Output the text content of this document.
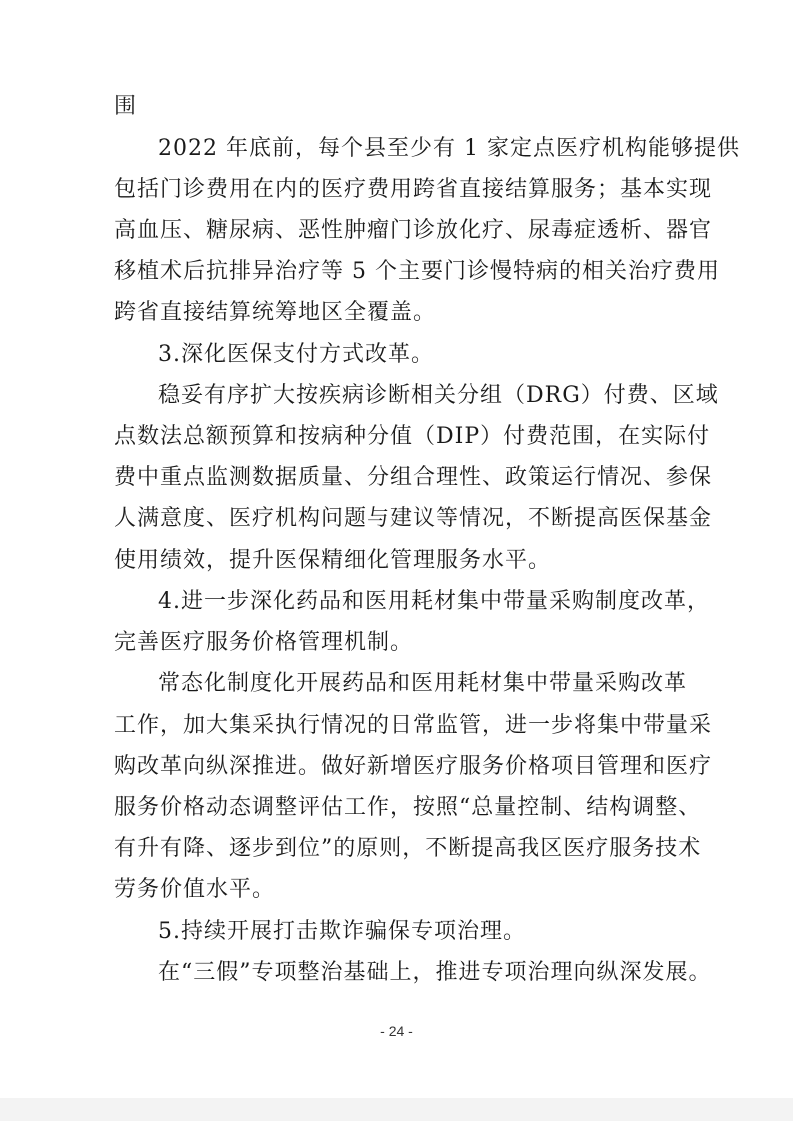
围
2022 年底前，每个县至少有 1 家定点医疗机构能够提供
包括门诊费用在内的医疗费用跨省直接结算服务；基本实现
高血压、糖尿病、恶性肿瘤门诊放化疗、尿毒症透析、器官
移植术后抗排异治疗等 5 个主要门诊慢特病的相关治疗费用
跨省直接结算统筹地区全覆盖。
3.深化医保支付方式改革。
稳妥有序扩大按疾病诊断相关分组（DRG）付费、区域
点数法总额预算和按病种分值（DIP）付费范围，在实际付
费中重点监测数据质量、分组合理性、政策运行情况、参保
人满意度、医疗机构问题与建议等情况，不断提高医保基金
使用绩效，提升医保精细化管理服务水平。
4.进一步深化药品和医用耗材集中带量采购制度改革，
完善医疗服务价格管理机制。
常态化制度化开展药品和医用耗材集中带量采购改革
工作，加大集采执行情况的日常监管，进一步将集中带量采
购改革向纵深推进。做好新增医疗服务价格项目管理和医疗
服务价格动态调整评估工作，按照“总量控制、结构调整、
有升有降、逐步到位”的原则，不断提高我区医疗服务技术
劳务价值水平。
5.持续开展打击欺诈骗保专项治理。
在“三假”专项整治基础上，推进专项治理向纵深发展。
- 24 -
